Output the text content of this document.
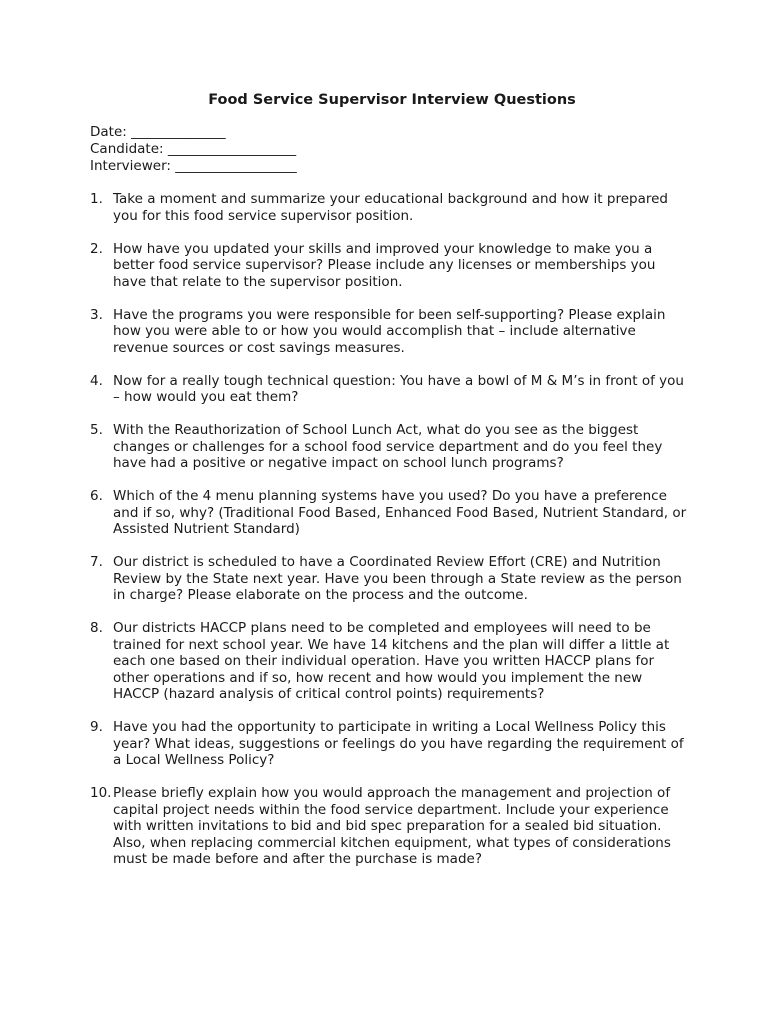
Food Service Supervisor Interview Questions
Date: ______________
Candidate: ___________________
Interviewer: __________________
1. Take a moment and summarize your educational background and how it prepared you for this food service supervisor position.
2. How have you updated your skills and improved your knowledge to make you a better food service supervisor? Please include any licenses or memberships you have that relate to the supervisor position.
3. Have the programs you were responsible for been self-supporting? Please explain how you were able to or how you would accomplish that – include alternative revenue sources or cost savings measures.
4. Now for a really tough technical question: You have a bowl of M & M’s in front of you – how would you eat them?
5. With the Reauthorization of School Lunch Act, what do you see as the biggest changes or challenges for a school food service department and do you feel they have had a positive or negative impact on school lunch programs?
6. Which of the 4 menu planning systems have you used? Do you have a preference and if so, why? (Traditional Food Based, Enhanced Food Based, Nutrient Standard, or Assisted Nutrient Standard)
7. Our district is scheduled to have a Coordinated Review Effort (CRE) and Nutrition Review by the State next year. Have you been through a State review as the person in charge? Please elaborate on the process and the outcome.
8. Our districts HACCP plans need to be completed and employees will need to be trained for next school year. We have 14 kitchens and the plan will differ a little at each one based on their individual operation. Have you written HACCP plans for other operations and if so, how recent and how would you implement the new HACCP (hazard analysis of critical control points) requirements?
9. Have you had the opportunity to participate in writing a Local Wellness Policy this year? What ideas, suggestions or feelings do you have regarding the requirement of a Local Wellness Policy?
10. Please briefly explain how you would approach the management and projection of capital project needs within the food service department. Include your experience with written invitations to bid and bid spec preparation for a sealed bid situation. Also, when replacing commercial kitchen equipment, what types of considerations must be made before and after the purchase is made?
